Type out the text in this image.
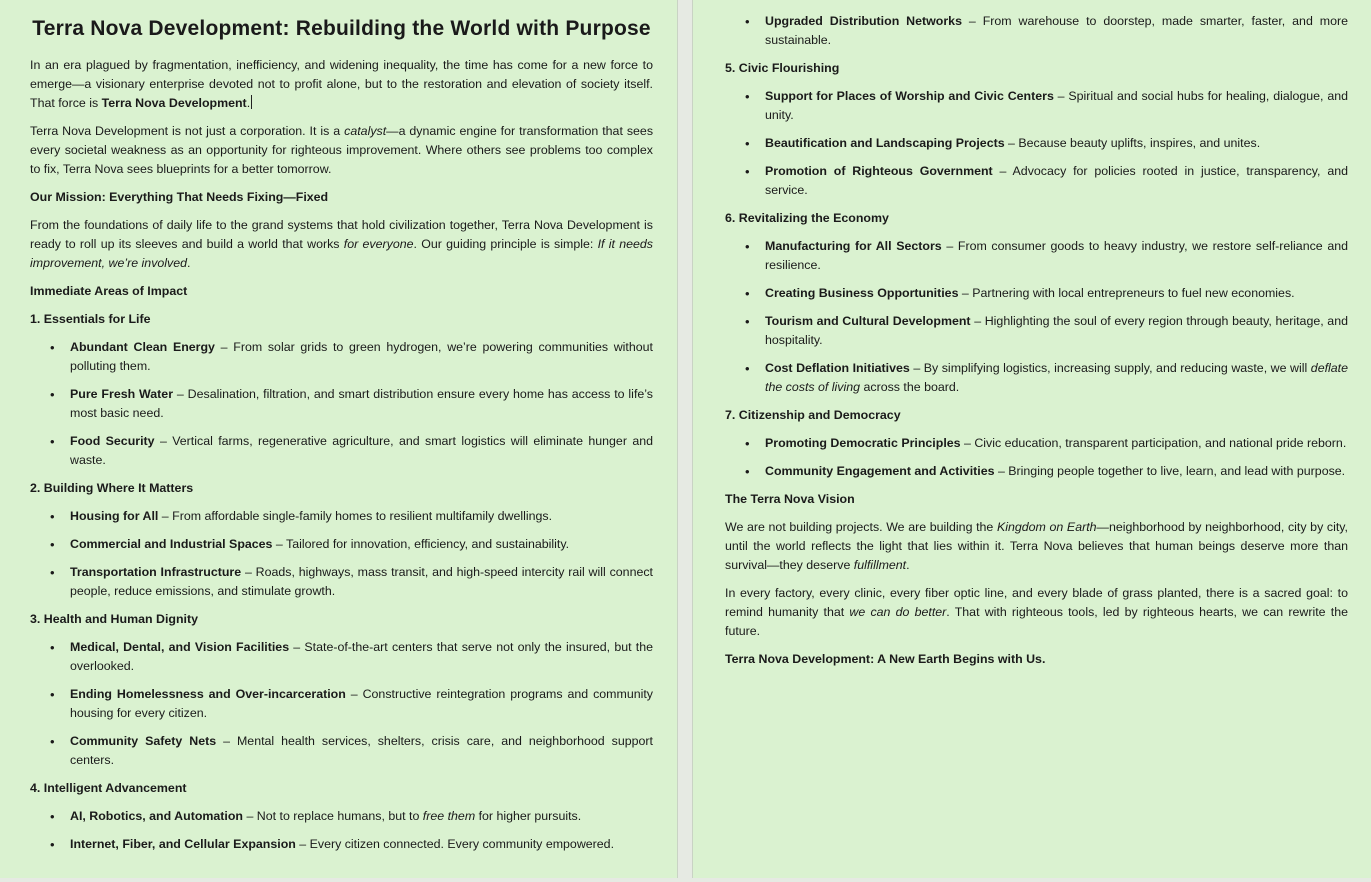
Terra Nova Development: Rebuilding the World with Purpose

In an era plagued by fragmentation, inefficiency, and widening inequality, the time has come for a new force to emerge—a visionary enterprise devoted not to profit alone, but to the restoration and elevation of society itself. That force is Terra Nova Development.

Terra Nova Development is not just a corporation. It is a catalyst—a dynamic engine for transformation that sees every societal weakness as an opportunity for righteous improvement. Where others see problems too complex to fix, Terra Nova sees blueprints for a better tomorrow.

Our Mission: Everything That Needs Fixing—Fixed

From the foundations of daily life to the grand systems that hold civilization together, Terra Nova Development is ready to roll up its sleeves and build a world that works for everyone. Our guiding principle is simple: If it needs improvement, we’re involved.

Immediate Areas of Impact

1. Essentials for Life

• Abundant Clean Energy – From solar grids to green hydrogen, we’re powering communities without polluting them.
• Pure Fresh Water – Desalination, filtration, and smart distribution ensure every home has access to life’s most basic need.
• Food Security – Vertical farms, regenerative agriculture, and smart logistics will eliminate hunger and waste.

2. Building Where It Matters

• Housing for All – From affordable single-family homes to resilient multifamily dwellings.
• Commercial and Industrial Spaces – Tailored for innovation, efficiency, and sustainability.
• Transportation Infrastructure – Roads, highways, mass transit, and high-speed intercity rail will connect people, reduce emissions, and stimulate growth.

3. Health and Human Dignity

• Medical, Dental, and Vision Facilities – State-of-the-art centers that serve not only the insured, but the overlooked.
• Ending Homelessness and Over-incarceration – Constructive reintegration programs and community housing for every citizen.
• Community Safety Nets – Mental health services, shelters, crisis care, and neighborhood support centers.

4. Intelligent Advancement

• AI, Robotics, and Automation – Not to replace humans, but to free them for higher pursuits.
• Internet, Fiber, and Cellular Expansion – Every citizen connected. Every community empowered.
• Upgraded Distribution Networks – From warehouse to doorstep, made smarter, faster, and more sustainable.

5. Civic Flourishing

• Support for Places of Worship and Civic Centers – Spiritual and social hubs for healing, dialogue, and unity.
• Beautification and Landscaping Projects – Because beauty uplifts, inspires, and unites.
• Promotion of Righteous Government – Advocacy for policies rooted in justice, transparency, and service.

6. Revitalizing the Economy

• Manufacturing for All Sectors – From consumer goods to heavy industry, we restore self-reliance and resilience.
• Creating Business Opportunities – Partnering with local entrepreneurs to fuel new economies.
• Tourism and Cultural Development – Highlighting the soul of every region through beauty, heritage, and hospitality.
• Cost Deflation Initiatives – By simplifying logistics, increasing supply, and reducing waste, we will deflate the costs of living across the board.

7. Citizenship and Democracy

• Promoting Democratic Principles – Civic education, transparent participation, and national pride reborn.
• Community Engagement and Activities – Bringing people together to live, learn, and lead with purpose.

The Terra Nova Vision

We are not building projects. We are building the Kingdom on Earth—neighborhood by neighborhood, city by city, until the world reflects the light that lies within it. Terra Nova believes that human beings deserve more than survival—they deserve fulfillment.

In every factory, every clinic, every fiber optic line, and every blade of grass planted, there is a sacred goal: to remind humanity that we can do better. That with righteous tools, led by righteous hearts, we can rewrite the future.

Terra Nova Development: A New Earth Begins with Us.
